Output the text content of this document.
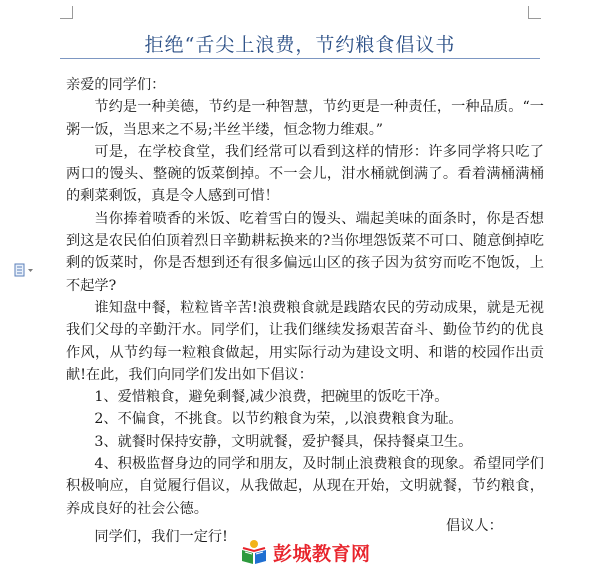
拒绝“舌尖上浪费，节约粮食倡议书

亲爱的同学们：

节约是一种美德，节约是一种智慧，节约更是一种责任，一种品质。“一粥一饭，当思来之不易;半丝半缕，恒念物力维艰。”

可是，在学校食堂，我们经常可以看到这样的情形：许多同学将只吃了两口的馒头、整碗的饭菜倒掉。不一会儿，泔水桶就倒满了。看着满桶满桶的剩菜剩饭，真是令人感到可惜！

当你捧着喷香的米饭、吃着雪白的馒头、端起美味的面条时，你是否想到这是农民伯伯顶着烈日辛勤耕耘换来的?当你埋怨饭菜不可口、随意倒掉吃剩的饭菜时，你是否想到还有很多偏远山区的孩子因为贫穷而吃不饱饭，上不起学?

谁知盘中餐，粒粒皆辛苦!浪费粮食就是践踏农民的劳动成果，就是无视我们父母的辛勤汗水。同学们，让我们继续发扬艰苦奋斗、勤俭节约的优良作风，从节约每一粒粮食做起，用实际行动为建设文明、和谐的校园作出贡献!在此，我们向同学们发出如下倡议：

1、爱惜粮食，避免剩餐,减少浪费，把碗里的饭吃干净。

2、不偏食，不挑食。以节约粮食为荣，,以浪费粮食为耻。

3、就餐时保持安静，文明就餐，爱护餐具，保持餐桌卫生。

4、积极监督身边的同学和朋友，及时制止浪费粮食的现象。希望同学们积极响应，自觉履行倡议，从我做起，从现在开始，文明就餐，节约粮食，养成良好的社会公德。

同学们，我们一定行!

倡议人：
彭城教育网
